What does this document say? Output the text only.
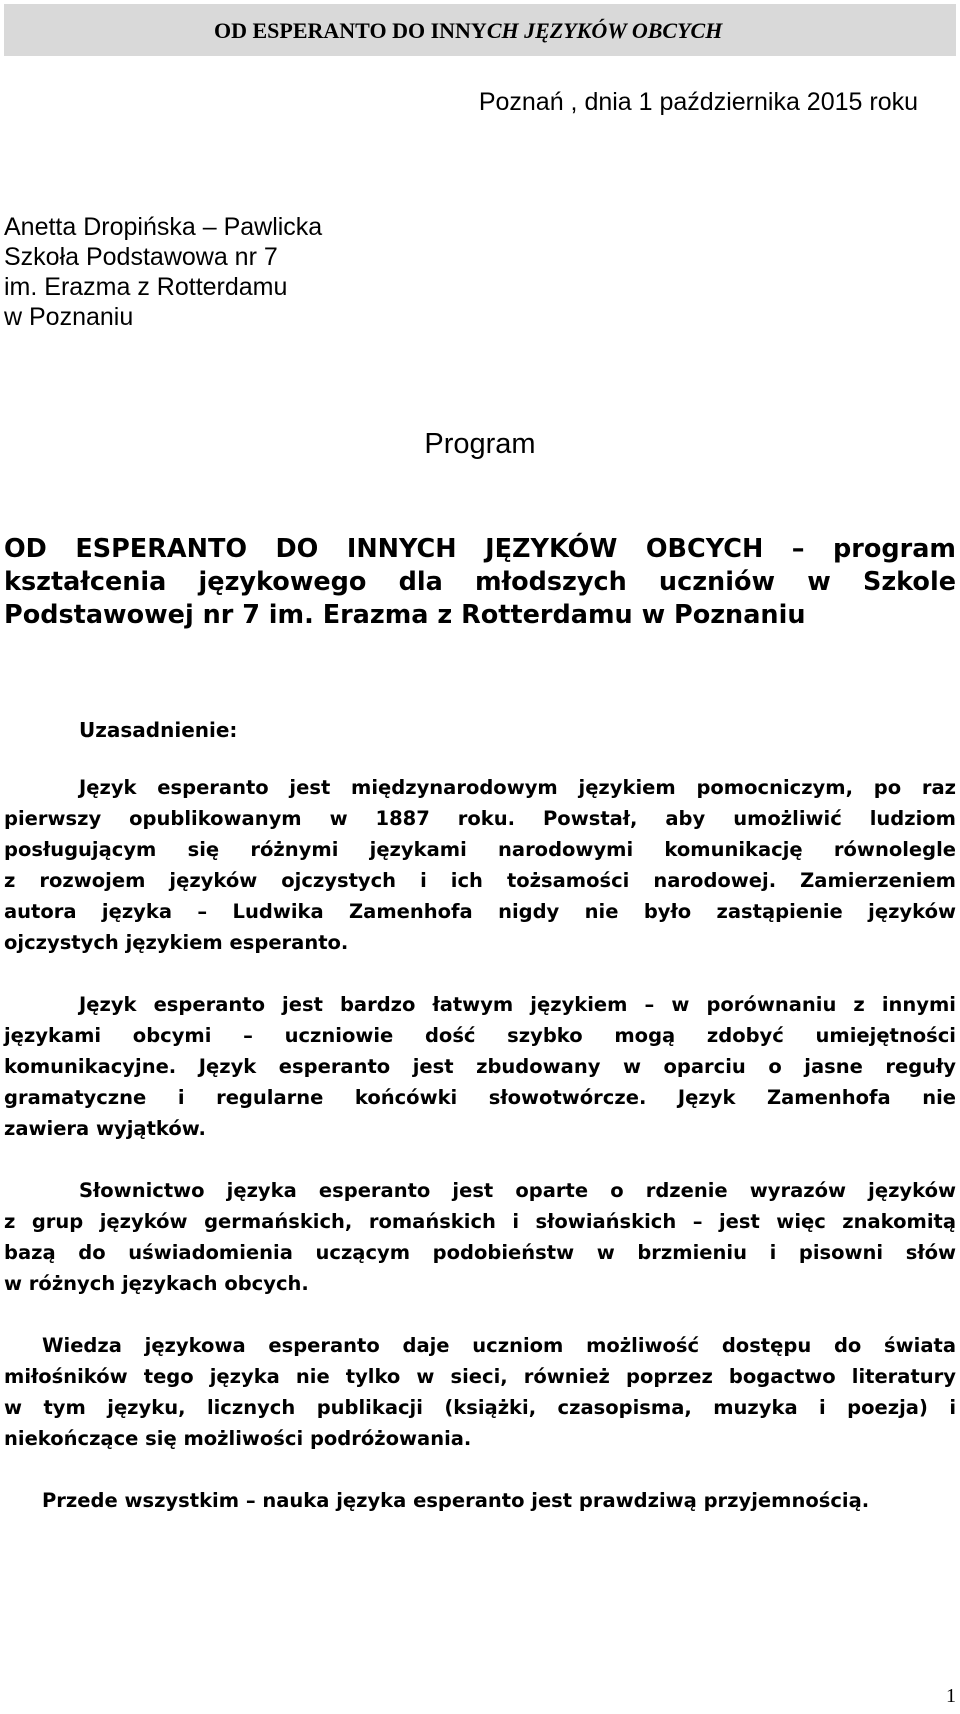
OD ESPERANTO DO INNYCH JĘZYKÓW OBCYCH
Poznań , dnia 1 października 2015 roku
Anetta Dropińska – Pawlicka
Szkoła Podstawowa nr 7
im. Erazma z Rotterdamu
w Poznaniu
Program
OD ESPERANTO DO INNYCH JĘZYKÓW OBCYCH – program
kształcenia językowego dla młodszych uczniów w Szkole
Podstawowej nr 7 im. Erazma z Rotterdamu w Poznaniu
Uzasadnienie:

Język esperanto jest międzynarodowym językiem pomocniczym, po raz
pierwszy opublikowanym w 1887 roku. Powstał, aby umożliwić ludziom
posługującym się różnymi językami narodowymi komunikację równolegle
z rozwojem języków ojczystych i ich tożsamości narodowej. Zamierzeniem
autora języka – Ludwika Zamenhofa nigdy nie było zastąpienie języków
ojczystych językiem esperanto.

Język esperanto jest bardzo łatwym językiem – w porównaniu z innymi
językami obcymi – uczniowie dość szybko mogą zdobyć umiejętności
komunikacyjne. Język esperanto jest zbudowany w oparciu o jasne reguły
gramatyczne i regularne końcówki słowotwórcze. Język Zamenhofa nie
zawiera wyjątków.

Słownictwo języka esperanto jest oparte o rdzenie wyrazów języków
z grup języków germańskich, romańskich i słowiańskich – jest więc znakomitą
bazą do uświadomienia uczącym podobieństw w brzmieniu i pisowni słów
w różnych językach obcych.

Wiedza językowa esperanto daje uczniom możliwość dostępu do świata
miłośników tego języka nie tylko w sieci, również poprzez bogactwo literatury
w tym języku, licznych publikacji (książki, czasopisma, muzyka i poezja) i
niekończące się możliwości podróżowania.

Przede wszystkim – nauka języka esperanto jest prawdziwą przyjemnością.

1
